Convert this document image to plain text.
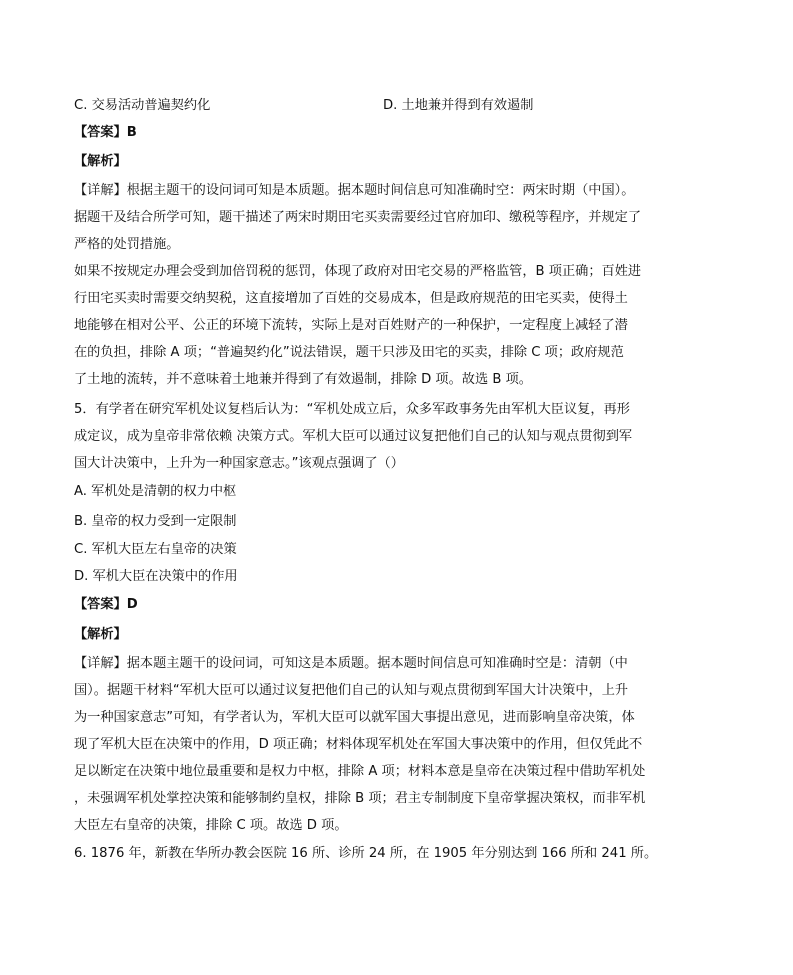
C. 交易活动普遍契约化	D. 土地兼并得到有效遏制
【答案】B
【解析】
【详解】根据主题干的设问词可知是本质题。据本题时间信息可知准确时空：两宋时期（中国）。
据题干及结合所学可知，题干描述了两宋时期田宅买卖需要经过官府加印、缴税等程序，并规定了
严格的处罚措施。
如果不按规定办理会受到加倍罚税的惩罚，体现了政府对田宅交易的严格监管，B 项正确；百姓进
行田宅买卖时需要交纳契税，这直接增加了百姓的交易成本，但是政府规范的田宅买卖，使得土
地能够在相对公平、公正的环境下流转，实际上是对百姓财产的一种保护，一定程度上减轻了潜
在的负担，排除 A 项；“普遍契约化”说法错误，题干只涉及田宅的买卖，排除 C 项；政府规范
了土地的流转，并不意味着土地兼并得到了有效遏制，排除 D 项。故选 B 项。
5．有学者在研究军机处议复档后认为：“军机处成立后，众多军政事务先由军机大臣议复，再形
成定议，成为皇帝非常依赖 决策方式。军机大臣可以通过议复把他们自己的认知与观点贯彻到军
国大计决策中，上升为一种国家意志。”该观点强调了（）
A. 军机处是清朝的权力中枢
B. 皇帝的权力受到一定限制
C. 军机大臣左右皇帝的决策
D. 军机大臣在决策中的作用
【答案】D
【解析】
【详解】据本题主题干的设问词，可知这是本质题。据本题时间信息可知准确时空是：清朝（中
国）。据题干材料“军机大臣可以通过议复把他们自己的认知与观点贯彻到军国大计决策中，上升
为一种国家意志”可知，有学者认为，军机大臣可以就军国大事提出意见，进而影响皇帝决策，体
现了军机大臣在决策中的作用，D 项正确；材料体现军机处在军国大事决策中的作用，但仅凭此不
足以断定在决策中地位最重要和是权力中枢，排除 A 项；材料本意是皇帝在决策过程中借助军机处
，未强调军机处掌控决策和能够制约皇权，排除 B 项；君主专制制度下皇帝掌握决策权，而非军机
大臣左右皇帝的决策，排除 C 项。故选 D 项。
6. 1876 年，新教在华所办教会医院 16 所、诊所 24 所，在 1905 年分别达到 166 所和 241 所。
